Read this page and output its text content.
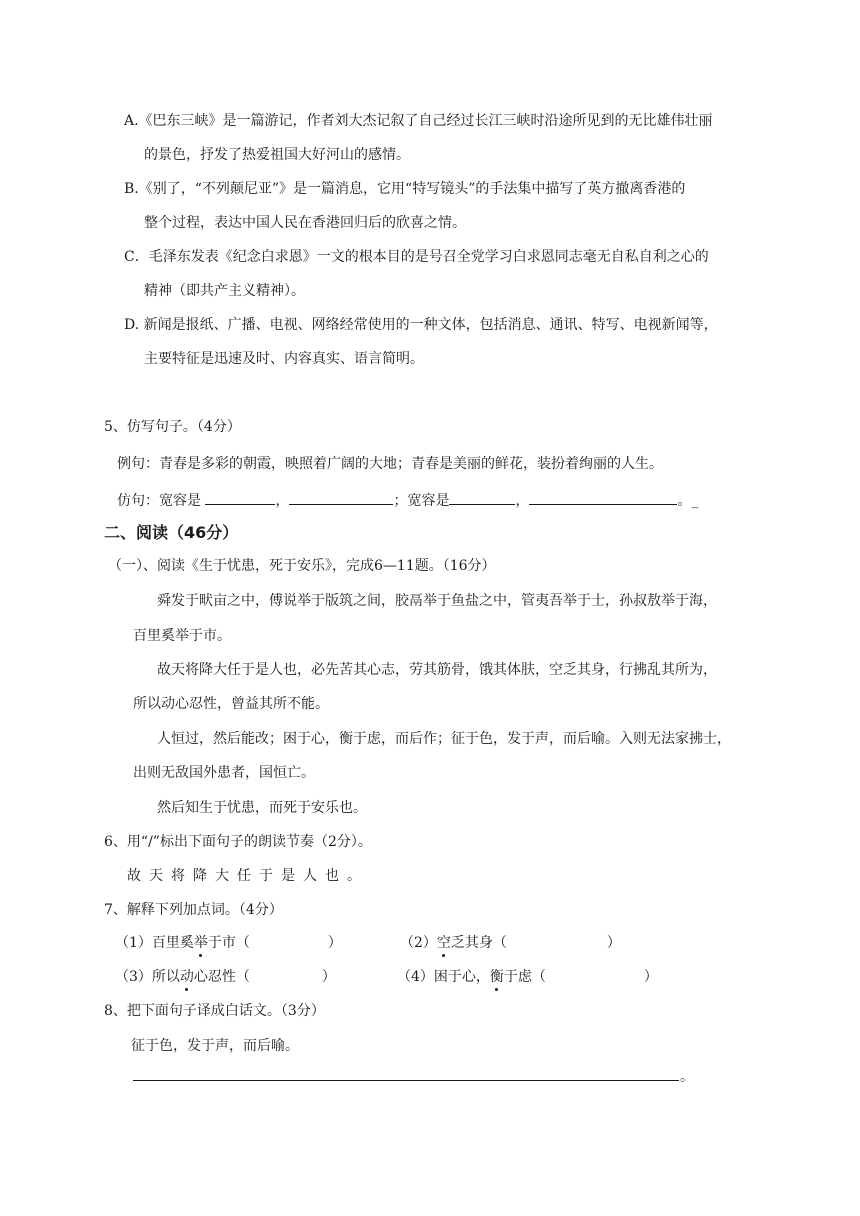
A.《巴东三峡》是一篇游记，作者刘大杰记叙了自己经过长江三峡时沿途所见到的无比雄伟壮丽
的景色，抒发了热爱祖国大好河山的感情。
B.《别了，“不列颠尼亚”》是一篇消息，它用“特写镜头”的手法集中描写了英方撤离香港的
整个过程，表达中国人民在香港回归后的欣喜之情。
C．毛泽东发表《纪念白求恩》一文的根本目的是号召全党学习白求恩同志毫无自私自利之心的
精神（即共产主义精神）。
D. 新闻是报纸、广播、电视、网络经常使用的一种文体，包括消息、通讯、特写、电视新闻等，
主要特征是迅速及时、内容真实、语言简明。
5、仿写句子。（4分）
例句：青春是多彩的朝霞，映照着广阔的大地；青春是美丽的鲜花，装扮着绚丽的人生。
仿句：宽容是	，	；宽容是	，	。_
二、阅读（46分）
（一）、阅读《生于忧患，死于安乐》，完成6—11题。（16分）
舜发于畎亩之中，傅说举于版筑之间，胶鬲举于鱼盐之中，管夷吾举于士，孙叔敖举于海，
百里奚举于市。
故天将降大任于是人也，必先苦其心志，劳其筋骨，饿其体肤，空乏其身，行拂乱其所为，
所以动心忍性，曾益其所不能。
人恒过，然后能改；困于心，衡于虑，而后作；征于色，发于声，而后喻。入则无法家拂士，
出则无敌国外患者，国恒亡。
然后知生于忧患，而死于安乐也。
6、用“/”标出下面句子的朗读节奏（2分）。
故天将降大任于是人也。
7、解释下列加点词。（4分）
（1）百里奚举于市（	）	（2）空乏其身（	）
（3）所以动心忍性（	）	（4）困于心，衡于虑（	）
8、把下面句子译成白话文。（3分）
征于色，发于声，而后喻。
。
